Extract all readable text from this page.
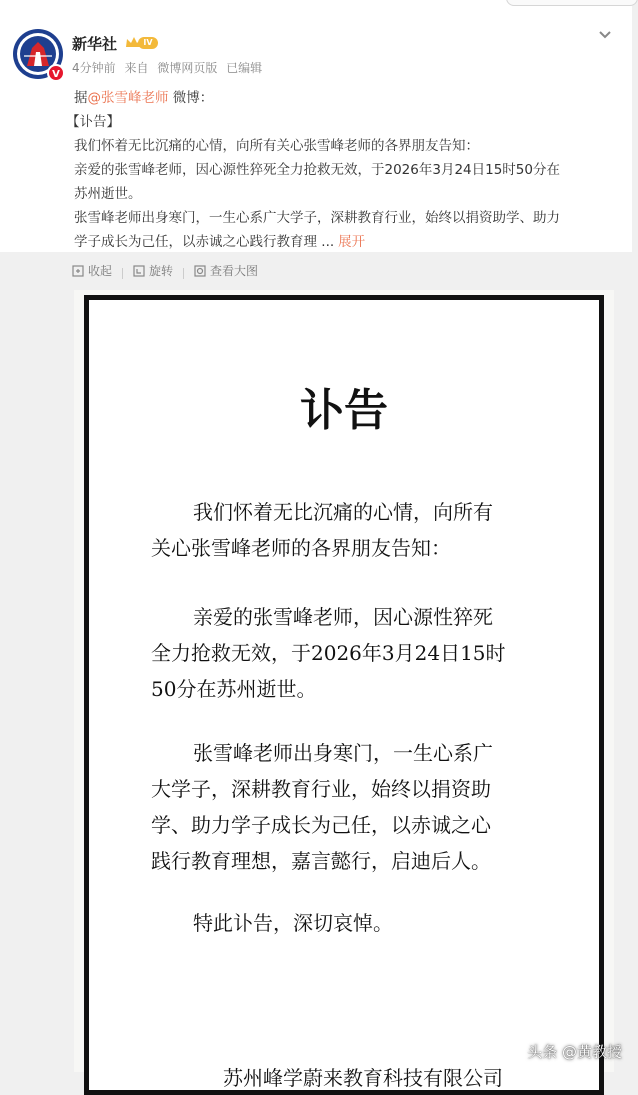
V
新华社	IV
4分钟前 来自 微博网页版 已编辑
据@张雪峰老师 微博：
【讣告】
我们怀着无比沉痛的心情，向所有关心张雪峰老师的各界朋友告知：
亲爱的张雪峰老师，因心源性猝死全力抢救无效，于2026年3月24日15时50分在
苏州逝世。
张雪峰老师出身寒门，一生心系广大学子，深耕教育行业，始终以捐资助学、助力
学子成长为己任，以赤诚之心践行教育理 ... 展开
收起	旋转	查看大图
讣告
我们怀着无比沉痛的心情，向所有
关心张雪峰老师的各界朋友告知：
亲爱的张雪峰老师，因心源性猝死
全力抢救无效，于2026年3月24日15时
50分在苏州逝世。
张雪峰老师出身寒门，一生心系广
大学子，深耕教育行业，始终以捐资助
学、助力学子成长为己任，以赤诚之心
践行教育理想，嘉言懿行，启迪后人。
特此讣告，深切哀悼。
苏州峰学蔚来教育科技有限公司
头条 @黄教授
